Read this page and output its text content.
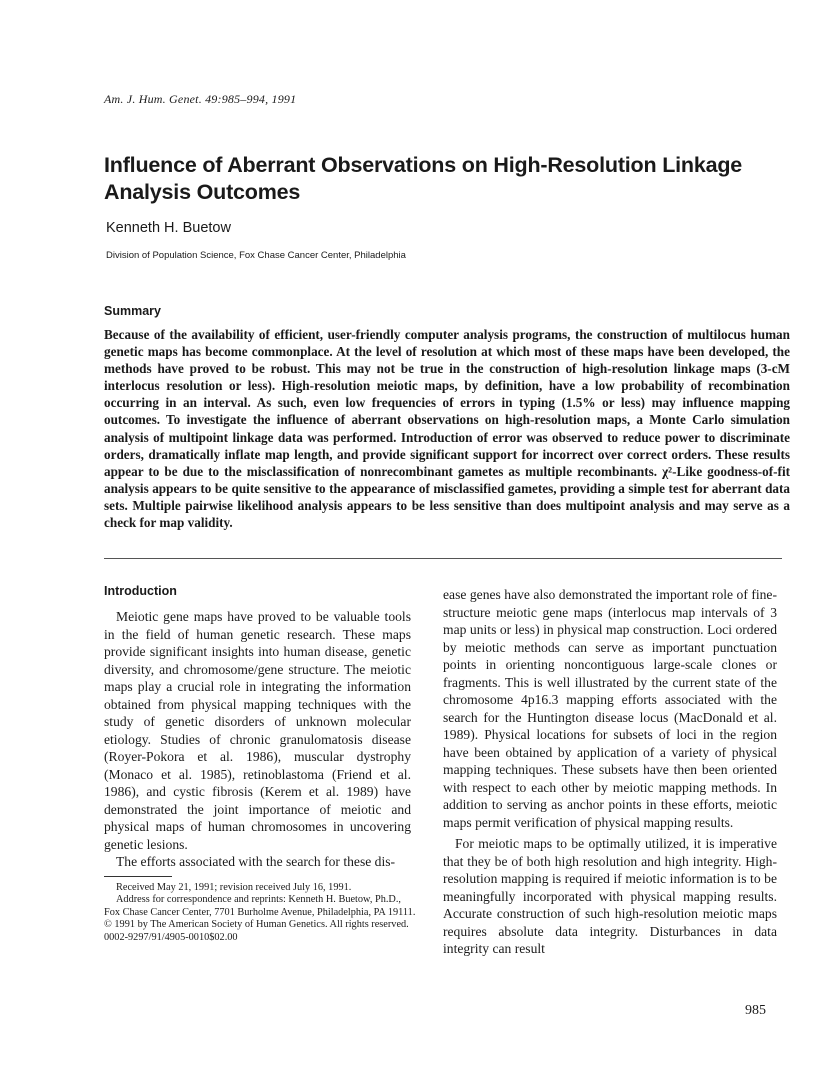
Am. J. Hum. Genet. 49:985–994, 1991
Influence of Aberrant Observations on High-Resolution Linkage Analysis Outcomes

Kenneth H. Buetow

Division of Population Science, Fox Chase Cancer Center, Philadelphia

Summary

Because of the availability of efficient, user-friendly computer analysis programs, the construction of multilocus human genetic maps has become commonplace. At the level of resolution at which most of these maps have been developed, the methods have proved to be robust. This may not be true in the construction of high-resolution linkage maps (3-cM interlocus resolution or less). High-resolution meiotic maps, by definition, have a low probability of recombination occurring in an interval. As such, even low frequencies of errors in typing (1.5% or less) may influence mapping outcomes. To investigate the influence of aberrant observations on high-resolution maps, a Monte Carlo simulation analysis of multipoint linkage data was performed. Introduction of error was observed to reduce power to discriminate orders, dramatically inflate map length, and provide significant support for incorrect over correct orders. These results appear to be due to the misclassification of nonrecombinant gametes as multiple recombinants. χ²-Like goodness-of-fit analysis appears to be quite sensitive to the appearance of misclassified gametes, providing a simple test for aberrant data sets. Multiple pairwise likelihood analysis appears to be less sensitive than does multipoint analysis and may serve as a check for map validity.

Introduction

Meiotic gene maps have proved to be valuable tools in the field of human genetic research. These maps provide significant insights into human disease, genetic diversity, and chromosome/gene structure. The meiotic maps play a crucial role in integrating the information obtained from physical mapping techniques with the study of genetic disorders of unknown molecular etiology. Studies of chronic granulomatosis disease (Royer-Pokora et al. 1986), muscular dystrophy (Monaco et al. 1985), retinoblastoma (Friend et al. 1986), and cystic fibrosis (Kerem et al. 1989) have demonstrated the joint importance of meiotic and physical maps of human chromosomes in uncovering genetic lesions.

The efforts associated with the search for these dis-

ease genes have also demonstrated the important role of fine-structure meiotic gene maps (interlocus map intervals of 3 map units or less) in physical map construction. Loci ordered by meiotic methods can serve as important punctuation points in orienting noncontiguous large-scale clones or fragments. This is well illustrated by the current state of the chromosome 4p16.3 mapping efforts associated with the search for the Huntington disease locus (MacDonald et al. 1989). Physical locations for subsets of loci in the region have been obtained by application of a variety of physical mapping techniques. These subsets have then been oriented with respect to each other by meiotic mapping methods. In addition to serving as anchor points in these efforts, meiotic maps permit verification of physical mapping results.

For meiotic maps to be optimally utilized, it is imperative that they be of both high resolution and high integrity. High-resolution mapping is required if meiotic information is to be meaningfully incorporated with physical mapping results. Accurate construction of such high-resolution meiotic maps requires absolute data integrity. Disturbances in data integrity can result

Received May 21, 1991; revision received July 16, 1991.

Address for correspondence and reprints: Kenneth H. Buetow, Ph.D., Fox Chase Cancer Center, 7701 Burholme Avenue, Philadelphia, PA 19111.

© 1991 by The American Society of Human Genetics. All rights reserved.

0002-9297/91/4905-0010$02.00

985
